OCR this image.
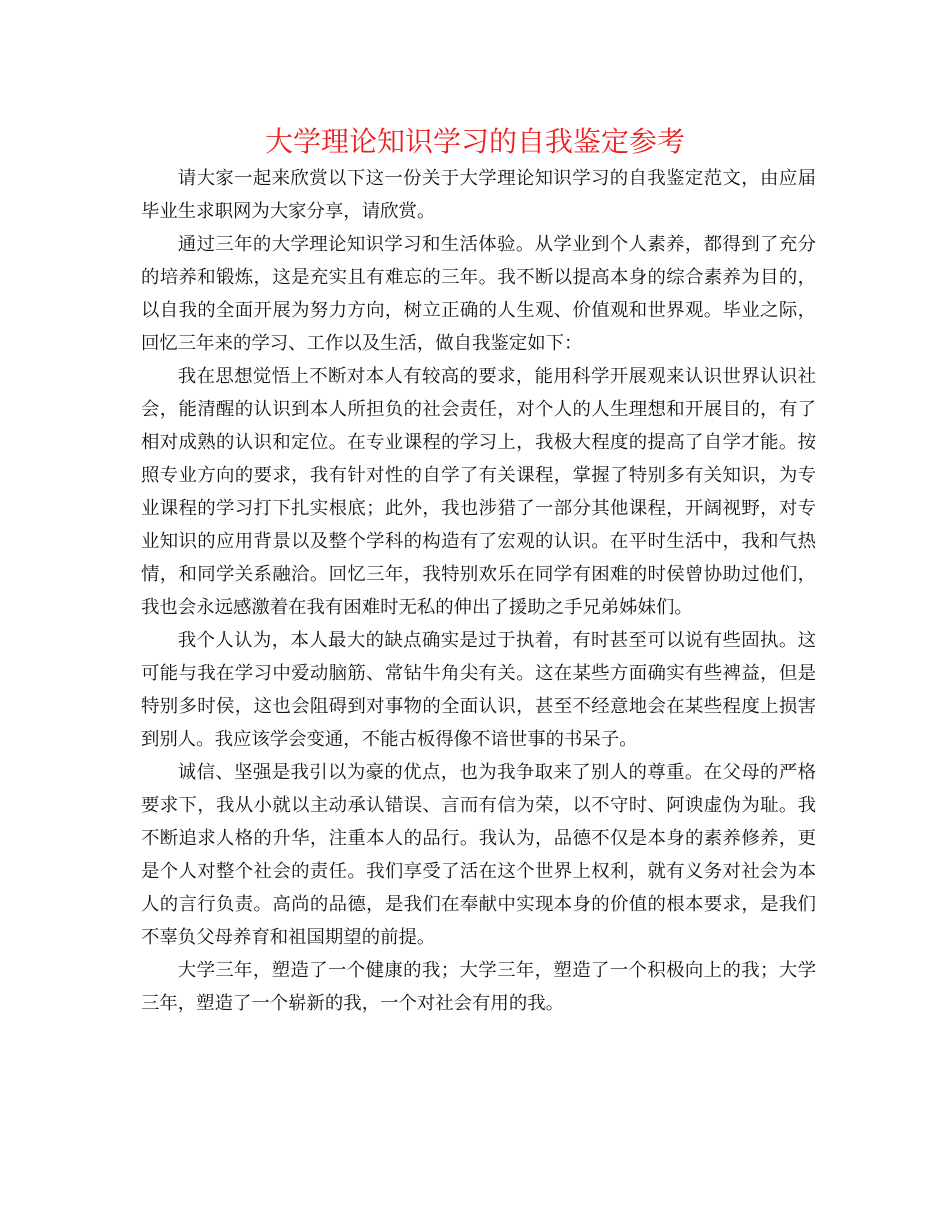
大学理论知识学习的自我鉴定参考

请大家一起来欣赏以下这一份关于大学理论知识学习的自我鉴定范文，由应届毕业生求职网为大家分享，请欣赏。

通过三年的大学理论知识学习和生活体验。从学业到个人素养，都得到了充分的培养和锻炼，这是充实且有难忘的三年。我不断以提高本身的综合素养为目的，以自我的全面开展为努力方向，树立正确的人生观、价值观和世界观。毕业之际，回忆三年来的学习、工作以及生活，做自我鉴定如下：

我在思想觉悟上不断对本人有较高的要求，能用科学开展观来认识世界认识社会，能清醒的认识到本人所担负的社会责任，对个人的人生理想和开展目的，有了相对成熟的认识和定位。在专业课程的学习上，我极大程度的提高了自学才能。按照专业方向的要求，我有针对性的自学了有关课程，掌握了特别多有关知识，为专业课程的学习打下扎实根底；此外，我也涉猎了一部分其他课程，开阔视野，对专业知识的应用背景以及整个学科的构造有了宏观的认识。在平时生活中，我和气热情，和同学关系融洽。回忆三年，我特别欢乐在同学有困难的时侯曾协助过他们，我也会永远感激着在我有困难时无私的伸出了援助之手兄弟姊妹们。

我个人认为，本人最大的缺点确实是过于执着，有时甚至可以说有些固执。这可能与我在学习中爱动脑筋、常钻牛角尖有关。这在某些方面确实有些裨益，但是特别多时侯，这也会阻碍到对事物的全面认识，甚至不经意地会在某些程度上损害到别人。我应该学会变通，不能古板得像不谙世事的书呆子。

诚信、坚强是我引以为豪的优点，也为我争取来了别人的尊重。在父母的严格要求下，我从小就以主动承认错误、言而有信为荣，以不守时、阿谀虚伪为耻。我不断追求人格的升华，注重本人的品行。我认为，品德不仅是本身的素养修养，更是个人对整个社会的责任。我们享受了活在这个世界上权利，就有义务对社会为本人的言行负责。高尚的品德，是我们在奉献中实现本身的价值的根本要求，是我们不辜负父母养育和祖国期望的前提。

大学三年，塑造了一个健康的我；大学三年，塑造了一个积极向上的我；大学三年，塑造了一个崭新的我，一个对社会有用的我。
